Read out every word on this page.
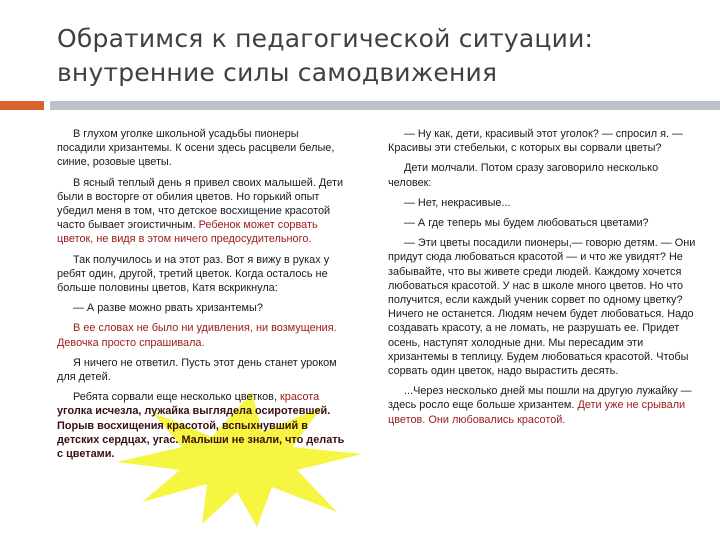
Обратимся к педагогической ситуации:
внутренние силы самодвижения

В глухом уголке школьной усадьбы пионеры посадили хризантемы. К осени здесь расцвели белые, синие, розовые цветы.

В ясный теплый день я привел своих малышей. Дети были в восторге от обилия цветов. Но горький опыт убедил меня в том, что детское восхищение красотой часто бывает эгоистичным. Ребенок может сорвать цветок, не видя в этом ничего предосудительного.

Так получилось и на этот раз. Вот я вижу в руках у ребят один, другой, третий цветок. Когда осталось не больше половины цветов, Катя вскрикнула:

— А разве можно рвать хризантемы?

В ее словах не было ни удивления, ни возмущения. Девочка просто спрашивала.

Я ничего не ответил. Пусть этот день станет уроком для детей.

Ребята сорвали еще несколько цветков, красота уголка исчезла, лужайка выглядела осиротевшей. Порыв восхищения красотой, вспыхнувший в детских сердцах, угас. Малыши не знали, что делать с цветами.

— Ну как, дети, красивый этот уголок? — спросил я. — Красивы эти стебельки, с которых вы сорвали цветы?

Дети молчали. Потом сразу заговорило несколько человек:

— Нет, некрасивые...

— А где теперь мы будем любоваться цветами?

— Эти цветы посадили пионеры,— говорю детям. — Они придут сюда любоваться красотой — и что же увидят? Не забывайте, что вы живете среди людей. Каждому хочется любоваться красотой. У нас в школе много цветов. Но что получится, если каждый ученик сорвет по одному цветку? Ничего не останется. Людям нечем будет любоваться. Надо создавать красоту, а не ломать, не разрушать ее. Придет осень, наступят холодные дни. Мы пересадим эти хризантемы в теплицу. Будем любоваться красотой. Чтобы сорвать один цветок, надо вырастить десять.

...Через несколько дней мы пошли на другую лужайку — здесь росло еще больше хризантем. Дети уже не срывали цветов. Они любовались красотой.
